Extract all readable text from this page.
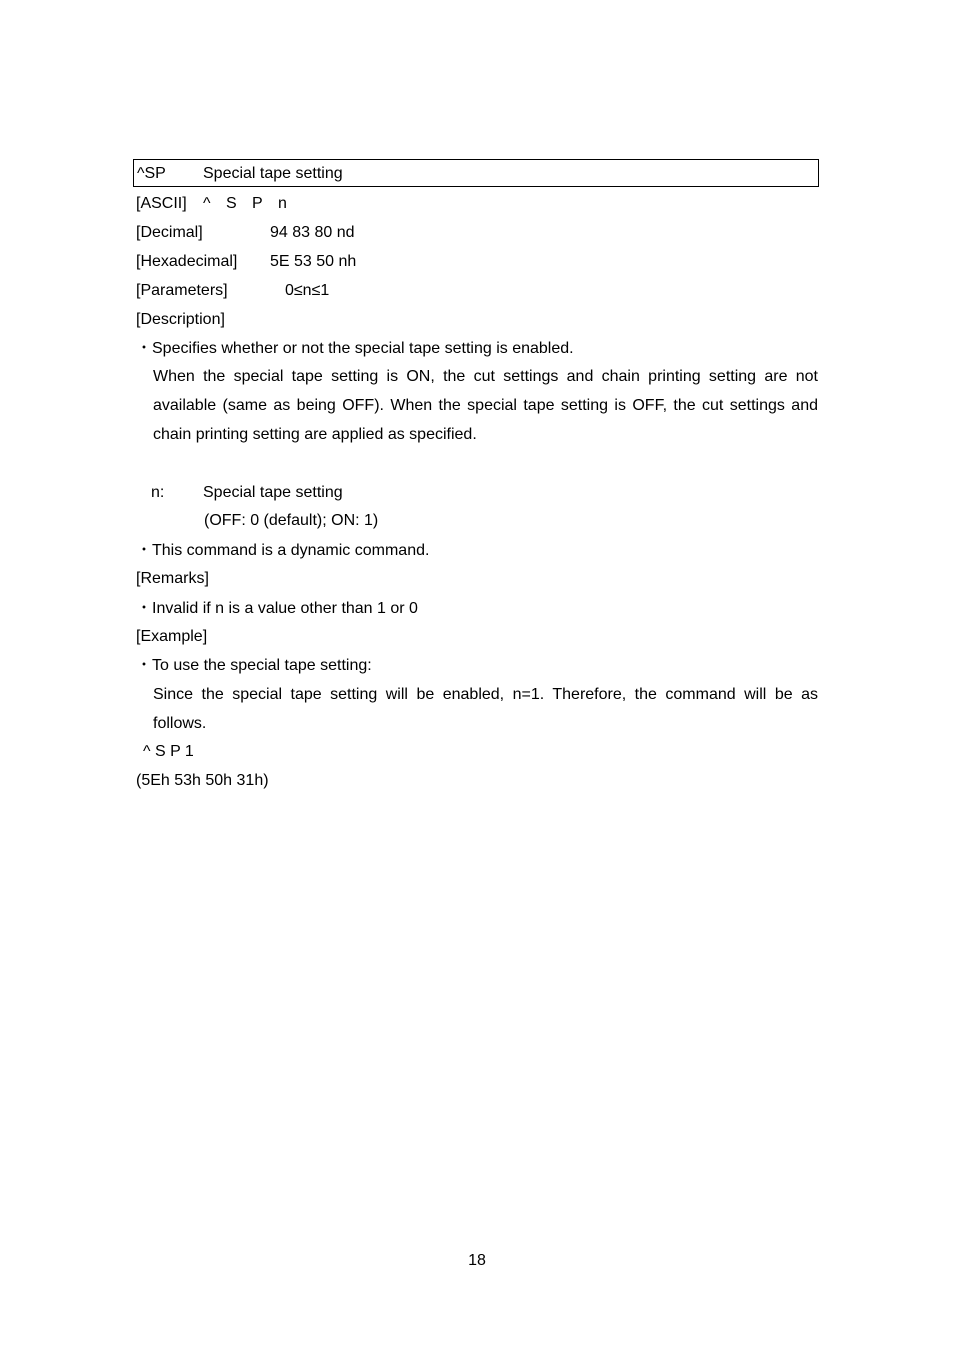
^SP Special tape setting
[ASCII] ^ S P n
[Decimal]	94 83 80 nd
[Hexadecimal] 5E 53 50 nh
[Parameters]	0≤n≤1
[Description]
・Specifies whether or not the special tape setting is enabled.
When the special tape setting is ON, the cut settings and chain printing setting are not
available (same as being OFF). When the special tape setting is OFF, the cut settings and
chain printing setting are applied as specified.
n: Special tape setting
(OFF: 0 (default); ON: 1)
・This command is a dynamic command.
[Remarks]
・Invalid if n is a value other than 1 or 0
[Example]
・To use the special tape setting:
Since the special tape setting will be enabled, n=1. Therefore, the command will be as
follows.
^ S P 1
(5Eh 53h 50h 31h)
18
